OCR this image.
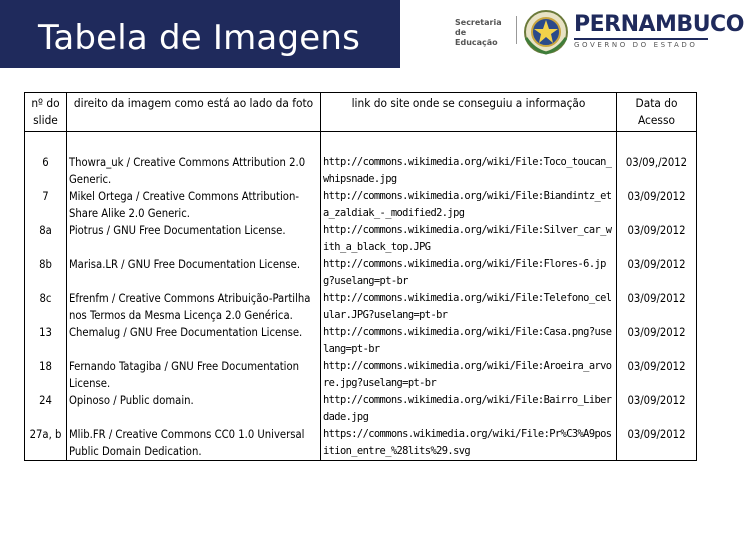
Tabela de Imagens	Secretaria
de
Educação
PERNAMBUCO
GOVERNO DO ESTADO
nº do slide	direito da imagem como está ao lado da foto	link do site onde se conseguiu a informação	Data do Acesso

6	Thowra_uk / Creative Commons Attribution 2.0 Generic.	http://commons.wikimedia.org/wiki/File:Toco_toucan_whipsnade.jpg	03/09,/2012
7	Mikel Ortega / Creative Commons Attribution-Share Alike 2.0 Generic.	http://commons.wikimedia.org/wiki/File:Biandintz_eta_zaldiak_-_modified2.jpg	03/09/2012
8a	Piotrus / GNU Free Documentation License.	http://commons.wikimedia.org/wiki/File:Silver_car_with_a_black_top.JPG	03/09/2012
8b	Marisa.LR / GNU Free Documentation License.	http://commons.wikimedia.org/wiki/File:Flores-6.jpg?uselang=pt-br	03/09/2012
8c	Efrenfm / Creative Commons Atribuição-Partilha nos Termos da Mesma Licença 2.0 Genérica.	http://commons.wikimedia.org/wiki/File:Telefono_celular.JPG?uselang=pt-br	03/09/2012
13	Chemalug / GNU Free Documentation License.	http://commons.wikimedia.org/wiki/File:Casa.png?uselang=pt-br	03/09/2012
18	Fernando Tatagiba / GNU Free Documentation License.	http://commons.wikimedia.org/wiki/File:Aroeira_arvore.jpg?uselang=pt-br	03/09/2012
24	Opinoso / Public domain.	http://commons.wikimedia.org/wiki/File:Bairro_Liberdade.jpg	03/09/2012
27a, b	Mlib.FR / Creative Commons CC0 1.0 Universal Public Domain Dedication.	https://commons.wikimedia.org/wiki/File:Pr%C3%A9position_entre_%28lits%29.svg	03/09/2012
